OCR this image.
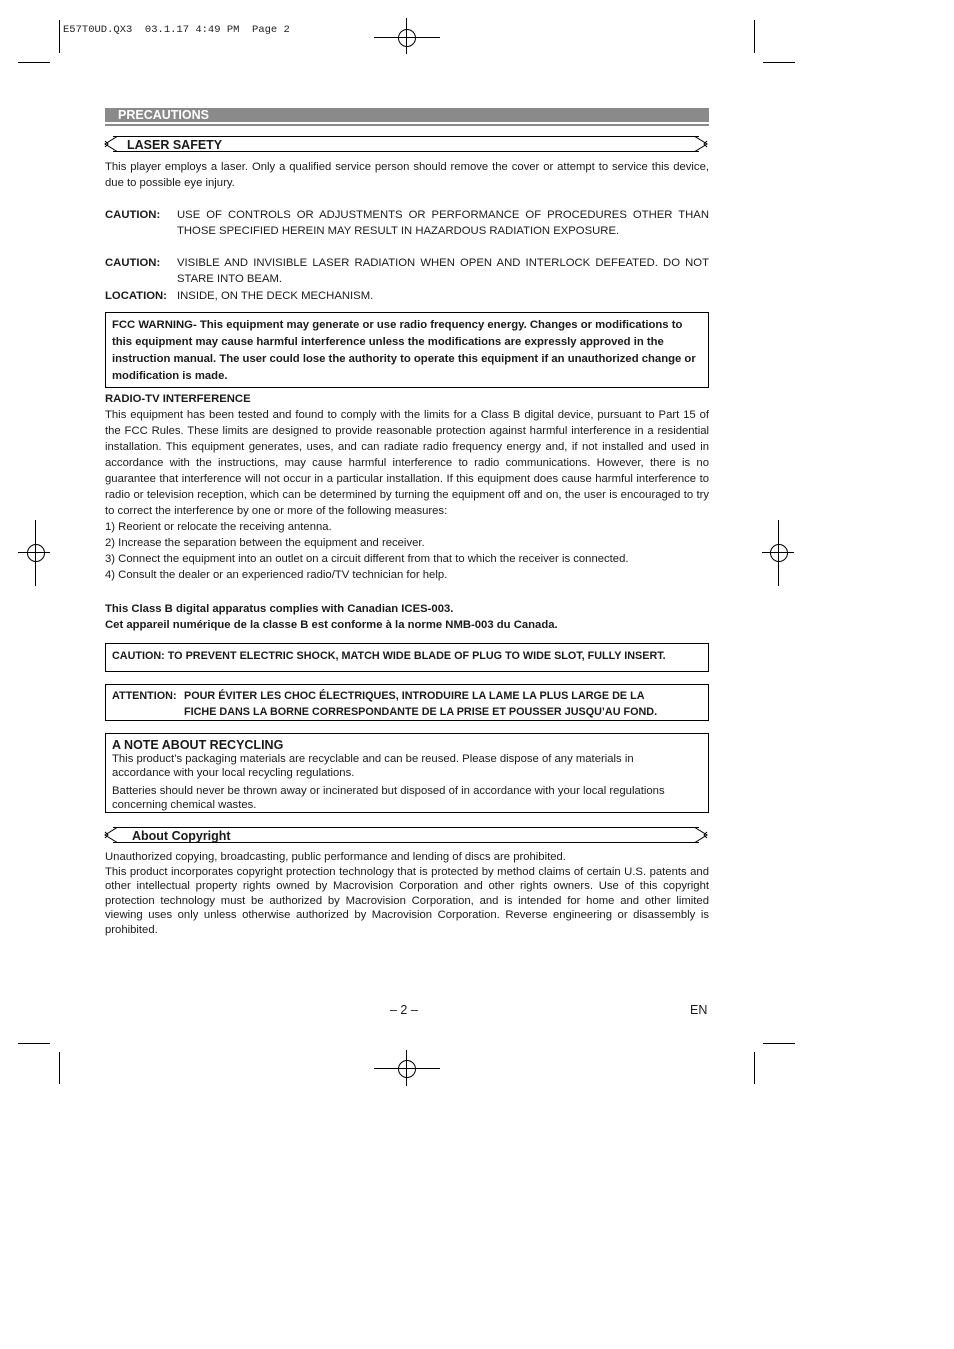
E57T0UD.QX3  03.1.17 4:49 PM  Page 2
PRECAUTIONS
LASER SAFETY

This player employs a laser. Only a qualified service person should remove the cover or attempt to service this device, due to possible eye injury.

CAUTION:	USE OF CONTROLS OR ADJUSTMENTS OR PERFORMANCE OF PROCEDURES OTHER THAN THOSE SPECIFIED HEREIN MAY RESULT IN HAZARDOUS RADIATION EXPOSURE.
CAUTION:	VISIBLE AND INVISIBLE LASER RADIATION WHEN OPEN AND INTERLOCK DEFEATED. DO NOT STARE INTO BEAM.
LOCATION: INSIDE, ON THE DECK MECHANISM.
FCC WARNING- This equipment may generate or use radio frequency energy. Changes or modifications to this equipment may cause harmful interference unless the modifications are expressly approved in the instruction manual. The user could lose the authority to operate this equipment if an unauthorized change or modification is made.

RADIO-TV INTERFERENCE

This equipment has been tested and found to comply with the limits for a Class B digital device, pursuant to Part 15 of the FCC Rules. These limits are designed to provide reasonable protection against harmful interference in a residential installation. This equipment generates, uses, and can radiate radio frequency energy and, if not installed and used in accordance with the instructions, may cause harmful interference to radio communications. However, there is no guarantee that interference will not occur in a particular installation. If this equipment does cause harmful interference to radio or television reception, which can be determined by turning the equipment off and on, the user is encouraged to try to correct the interference by one or more of the following measures:

1) Reorient or relocate the receiving antenna.

2) Increase the separation between the equipment and receiver.

3) Connect the equipment into an outlet on a circuit different from that to which the receiver is connected.

4) Consult the dealer or an experienced radio/TV technician for help.

This Class B digital apparatus complies with Canadian ICES-003.

Cet appareil numérique de la classe B est conforme à la norme NMB-003 du Canada.

CAUTION: TO PREVENT ELECTRIC SHOCK, MATCH WIDE BLADE OF PLUG TO WIDE SLOT, FULLY INSERT.
ATTENTION: POUR ÉVITER LES CHOC ÉLECTRIQUES, INTRODUIRE LA LAME LA PLUS LARGE DE LA
FICHE DANS LA BORNE CORRESPONDANTE DE LA PRISE ET POUSSER JUSQU’AU FOND.
A NOTE ABOUT RECYCLING

This product’s packaging materials are recyclable and can be reused. Please dispose of any materials in accordance with your local recycling regulations.

Batteries should never be thrown away or incinerated but disposed of in accordance with your local regulations concerning chemical wastes.

About Copyright

Unauthorized copying, broadcasting, public performance and lending of discs are prohibited.

This product incorporates copyright protection technology that is protected by method claims of certain U.S. patents and other intellectual property rights owned by Macrovision Corporation and other rights owners. Use of this copyright protection technology must be authorized by Macrovision Corporation, and is intended for home and other limited viewing uses only unless otherwise authorized by Macrovision Corporation. Reverse engineering or disassembly is prohibited.

– 2 –	EN
